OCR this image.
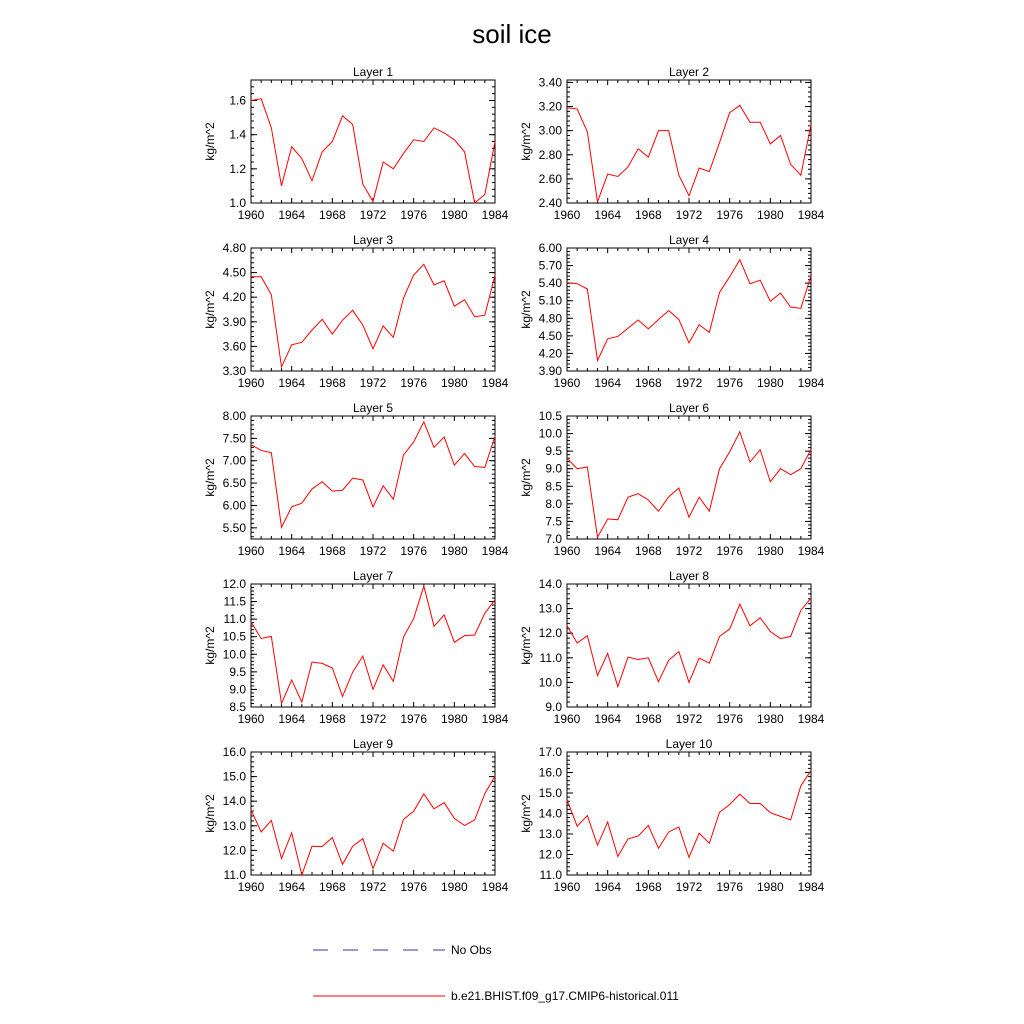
soil ice
1960 1964 1968 1972 1976 1980 1984
1.0
1.2
1.4
1.6
Layer 1
kg/m^2
1960 1964 1968 1972 1976 1980 1984
2.40
2.60
2.80
3.00
3.20
3.40
Layer 2
kg/m^2
1960 1964 1968 1972 1976 1980 1984
3.30
3.60
3.90
4.20
4.50
4.80
Layer 3
kg/m^2
1960 1964 1968 1972 1976 1980 1984
3.90
4.20
4.50
4.80
5.10
5.40
5.70
6.00
Layer 4
kg/m^2
1960 1964 1968 1972 1976 1980 1984
5.50
6.00
6.50
7.00
7.50
8.00
Layer 5
kg/m^2
1960 1964 1968 1972 1976 1980 1984
7.0
7.5
8.0
8.5
9.0
9.5
10.0
10.5
Layer 6
kg/m^2
1960 1964 1968 1972 1976 1980 1984
8.5
9.0
9.5
10.0
10.5
11.0
11.5
12.0
Layer 7
kg/m^2
1960 1964 1968 1972 1976 1980 1984
9.0
10.0
11.0
12.0
13.0
14.0
Layer 8
kg/m^2
1960 1964 1968 1972 1976 1980 1984
11.0
12.0
13.0
14.0
15.0
16.0
Layer 9
kg/m^2
1960 1964 1968 1972 1976 1980 1984
11.0
12.0
13.0
14.0
15.0
16.0
17.0
Layer 10
kg/m^2
No Obs
b.e21.BHIST.f09_g17.CMIP6-historical.011
